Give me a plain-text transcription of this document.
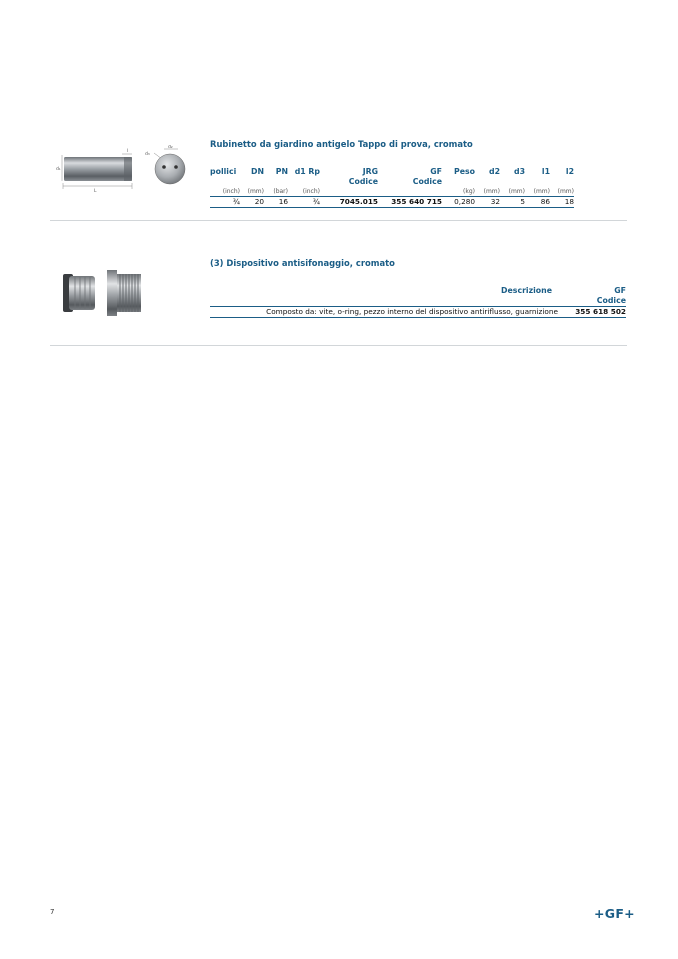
Rubinetto da giardino antigelo Tappo di prova, cromato
d₁
L
l
d₃
d₂
pollici	DN	PN	d1 Rp	JRG	GF	Peso	d2	d3	l1	l2
				Codice	Codice					
(inch)	(mm)	(bar)	(inch)			(kg)	(mm)	(mm)	(mm)	(mm)
¾	20	16	¾	7045.015	355 640 715	0,280	32	5	86	18
(3) Dispositivo antisifonaggio, cromato
Descrizione	GF
	Codice
Composto da: vite, o-ring, pezzo interno del dispositivo antiriflusso, guarnizione	355 618 502
7	+GF+
